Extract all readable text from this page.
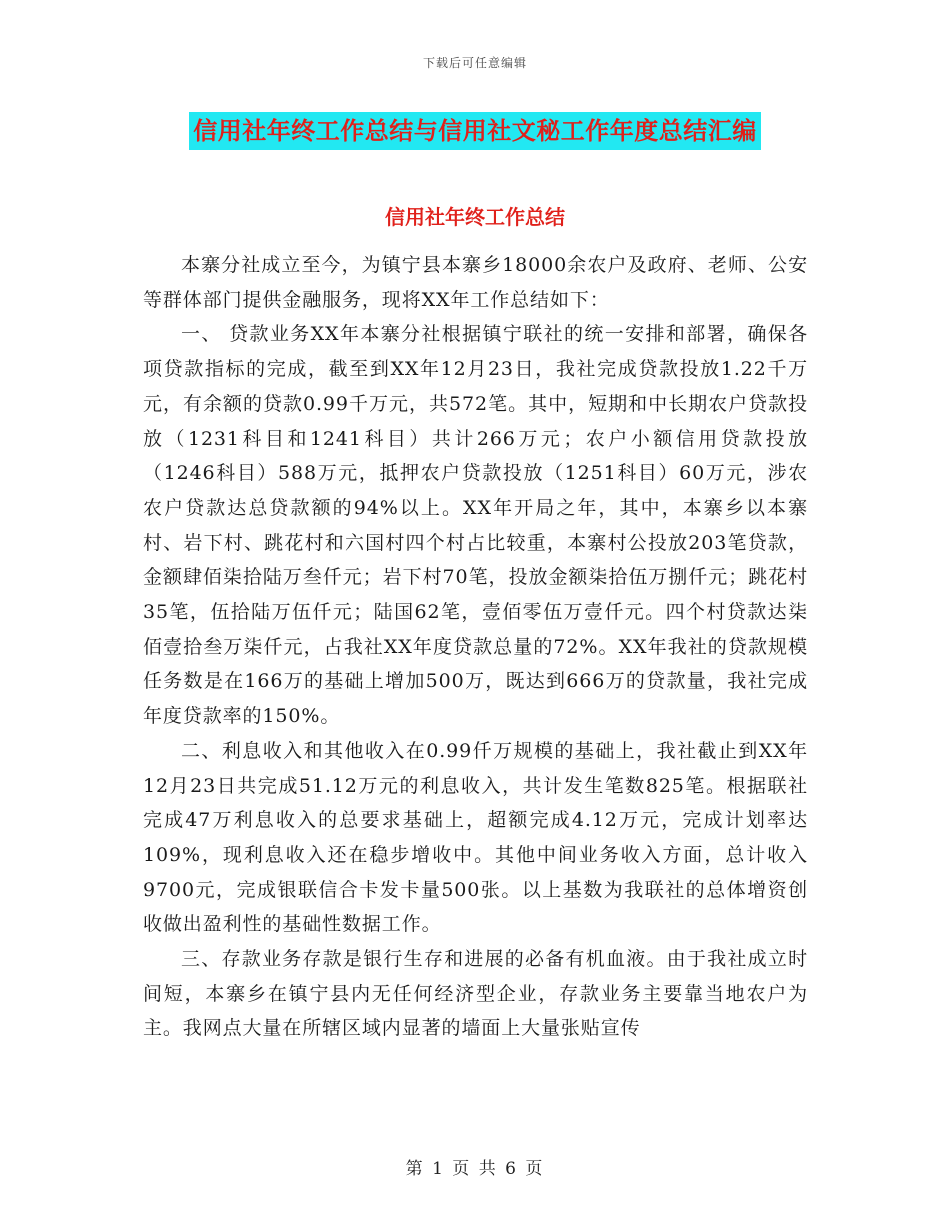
下载后可任意编辑
信用社年终工作总结与信用社文秘工作年度总结汇编
信用社年终工作总结

本寨分社成立至今，为镇宁县本寨乡18000余农户及政府、老师、公安等群体部门提供金融服务，现将XX年工作总结如下：

一、 贷款业务XX年本寨分社根据镇宁联社的统一安排和部署，确保各项贷款指标的完成，截至到XX年12月23日，我社完成贷款投放1.22千万元，有余额的贷款0.99千万元，共572笔。其中，短期和中长期农户贷款投放（1231科目和1241科目）共计266万元；农户小额信用贷款投放（1246科目）588万元，抵押农户贷款投放（1251科目）60万元，涉农农户贷款达总贷款额的94%以上。XX年开局之年，其中，本寨乡以本寨村、岩下村、跳花村和六国村四个村占比较重，本寨村公投放203笔贷款，金额肆佰柒拾陆万叁仟元；岩下村70笔，投放金额柒拾伍万捌仟元；跳花村35笔，伍拾陆万伍仟元；陆国62笔，壹佰零伍万壹仟元。四个村贷款达柒佰壹拾叁万柒仟元，占我社XX年度贷款总量的72%。XX年我社的贷款规模任务数是在166万的基础上增加500万，既达到666万的贷款量，我社完成年度贷款率的150%。

二、利息收入和其他收入在0.99仟万规模的基础上，我社截止到XX年12月23日共完成51.12万元的利息收入，共计发生笔数825笔。根据联社完成47万利息收入的总要求基础上，超额完成4.12万元，完成计划率达109%，现利息收入还在稳步增收中。其他中间业务收入方面，总计收入9700元，完成银联信合卡发卡量500张。以上基数为我联社的总体增资创收做出盈利性的基础性数据工作。

三、存款业务存款是银行生存和进展的必备有机血液。由于我社成立时间短，本寨乡在镇宁县内无任何经济型企业，存款业务主要靠当地农户为主。我网点大量在所辖区域内显著的墙面上大量张贴宣传

第 1 页 共 6 页
